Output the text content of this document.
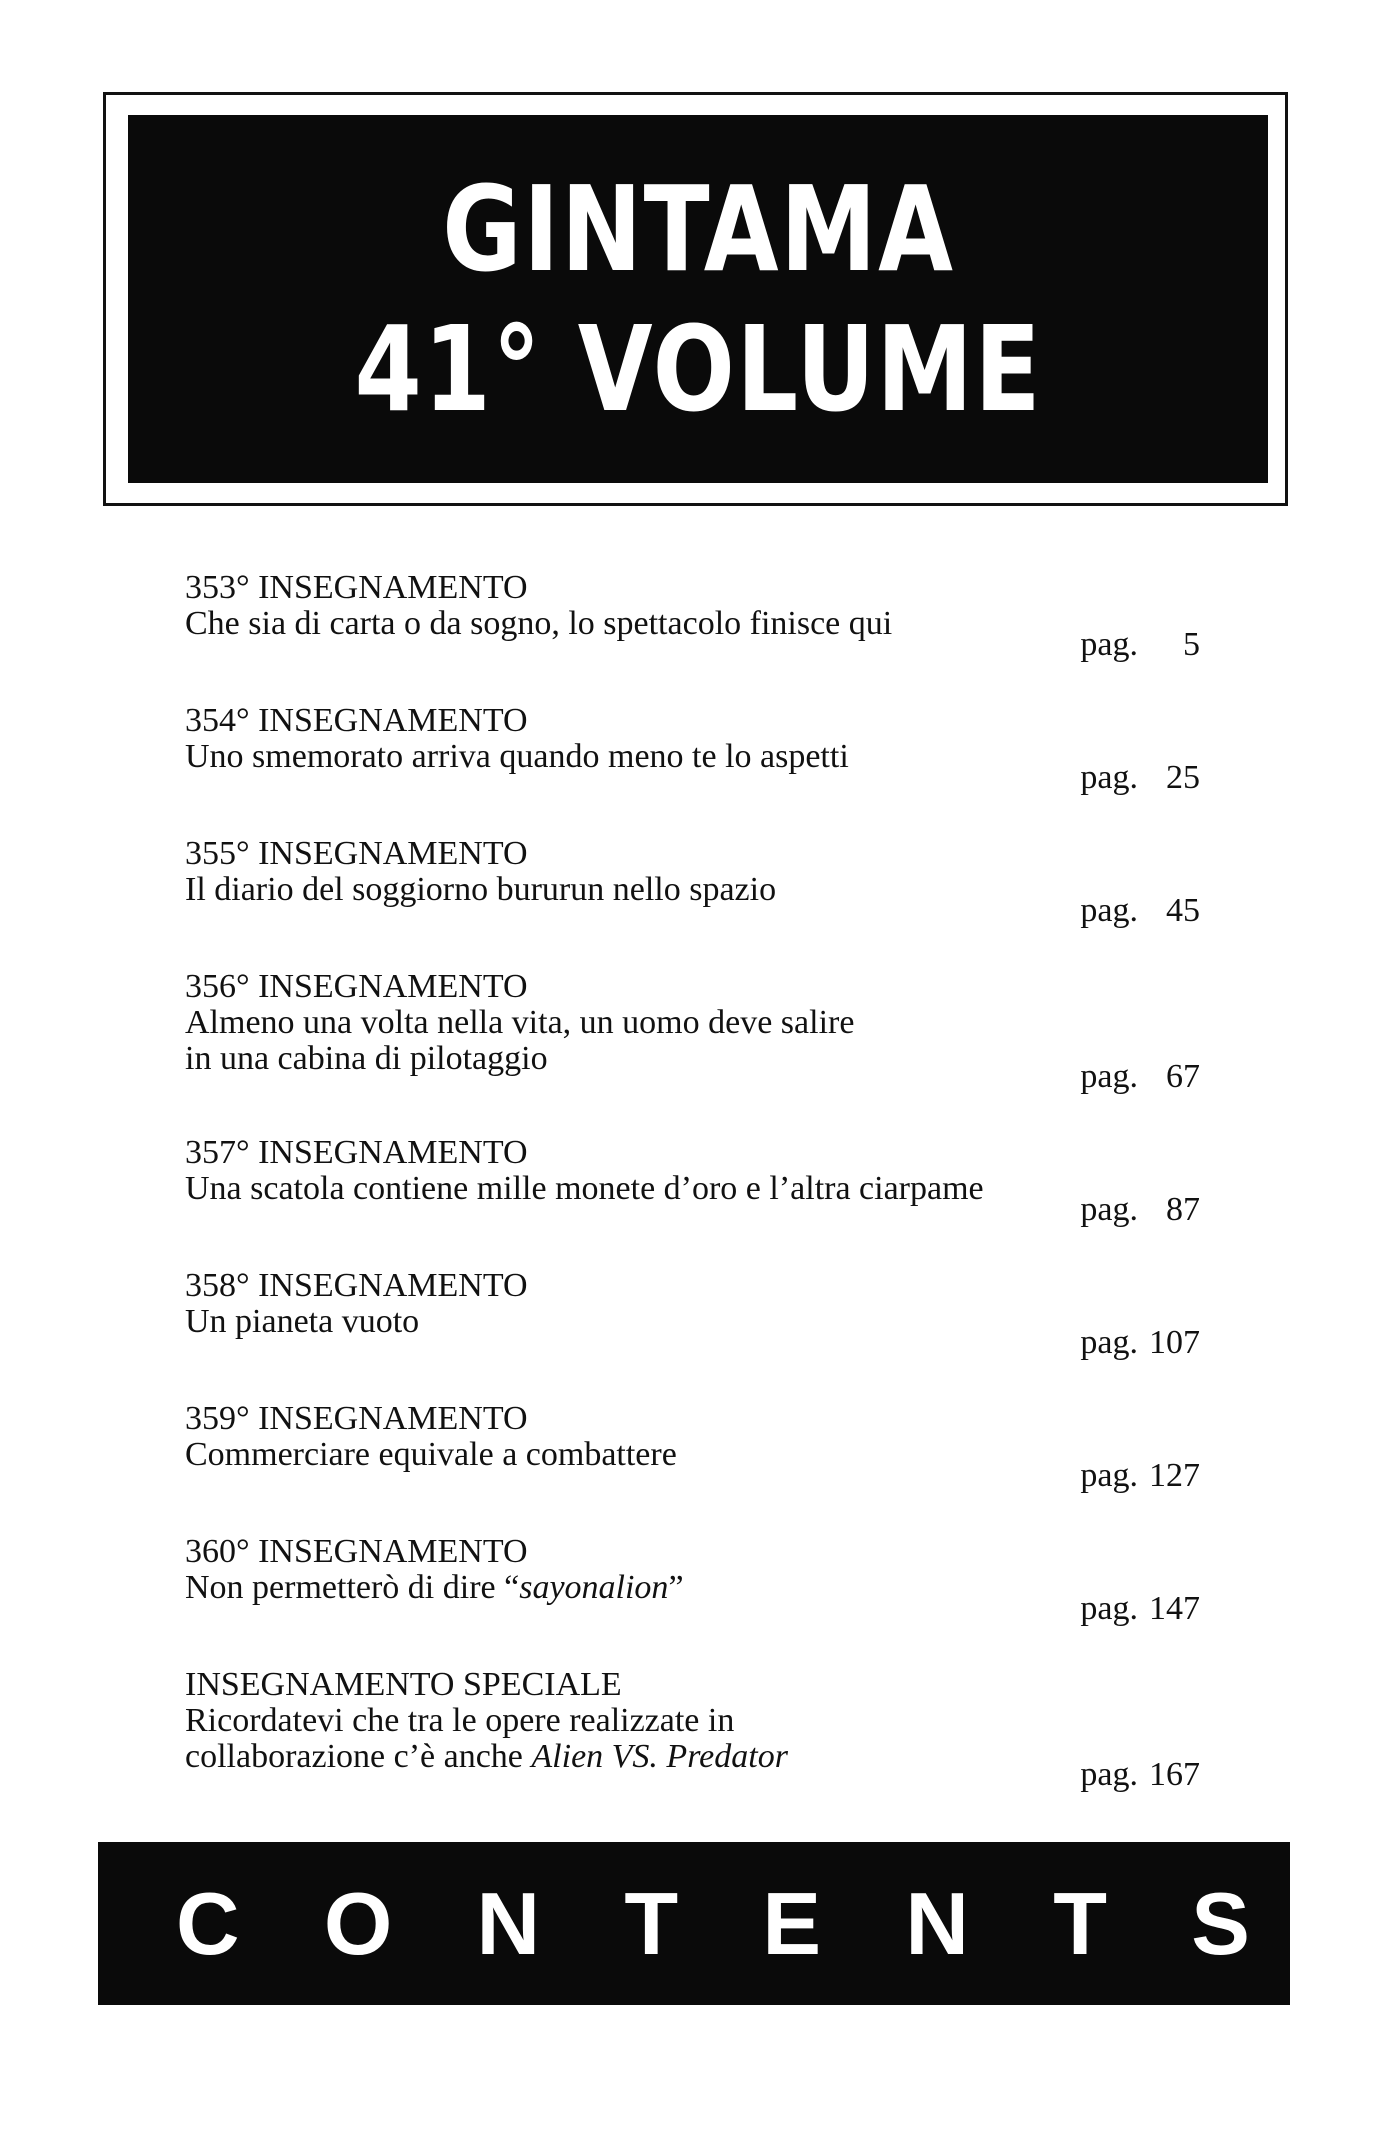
GINTAMA
41° VOLUME
353° INSEGNAMENTO
Che sia di carta o da sogno, lo spettacolo finisce qui
pag.	5
354° INSEGNAMENTO
Uno smemorato arriva quando meno te lo aspetti
pag. 25
355° INSEGNAMENTO
Il diario del soggiorno bururun nello spazio
pag. 45
356° INSEGNAMENTO
Almeno una volta nella vita, un uomo deve salire
in una cabina di pilotaggio	pag. 67
357° INSEGNAMENTO
Una scatola contiene mille monete d’oro e l’altra ciarpame
pag. 87
358° INSEGNAMENTO
Un pianeta vuoto
pag. 107
359° INSEGNAMENTO
Commerciare equivale a combattere
pag. 127
360° INSEGNAMENTO
Non permetterò di dire “sayonalion”
pag. 147
INSEGNAMENTO SPECIALE
Ricordatevi che tra le opere realizzate in
collaborazione c’è anche Alien VS. Predator	pag. 167
C O N T E N T S
